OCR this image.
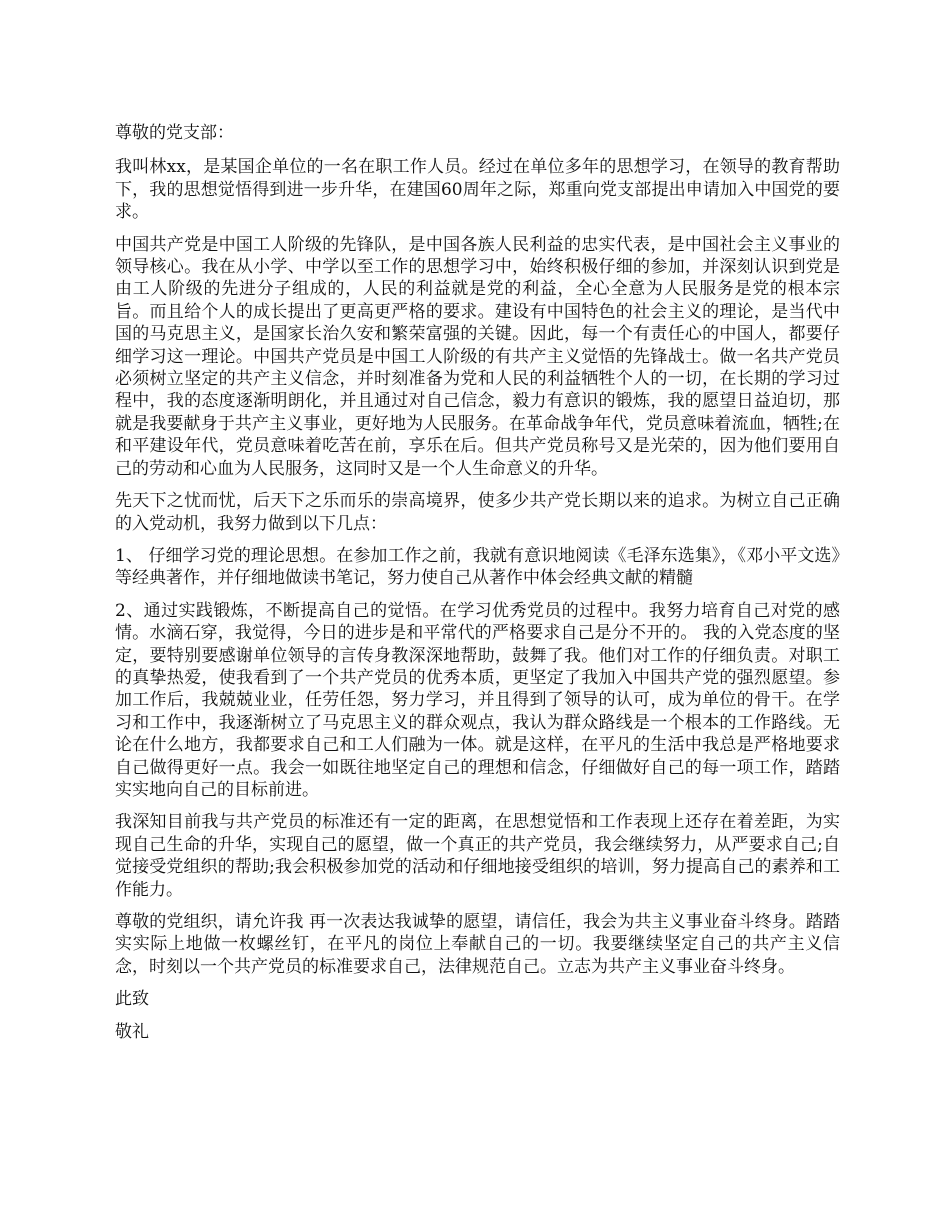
尊敬的党支部：

我叫林xx，是某国企单位的一名在职工作人员。经过在单位多年的思想学习，在领导的教育帮助下，我的思想觉悟得到进一步升华，在建国60周年之际，郑重向党支部提出申请加入中国党的要求。

中国共产党是中国工人阶级的先锋队，是中国各族人民利益的忠实代表，是中国社会主义事业的领导核心。我在从小学、中学以至工作的思想学习中，始终积极仔细的参加，并深刻认识到党是由工人阶级的先进分子组成的，人民的利益就是党的利益，全心全意为人民服务是党的根本宗旨。而且给个人的成长提出了更高更严格的要求。建设有中国特色的社会主义的理论，是当代中国的马克思主义，是国家长治久安和繁荣富强的关键。因此，每一个有责任心的中国人，都要仔细学习这一理论。中国共产党员是中国工人阶级的有共产主义觉悟的先锋战士。做一名共产党员必须树立坚定的共产主义信念，并时刻准备为党和人民的利益牺牲个人的一切，在长期的学习过程中，我的态度逐渐明朗化，并且通过对自己信念，毅力有意识的锻炼，我的愿望日益迫切，那就是我要献身于共产主义事业，更好地为人民服务。在革命战争年代，党员意味着流血，牺牲;在和平建设年代，党员意味着吃苦在前，享乐在后。但共产党员称号又是光荣的，因为他们要用自己的劳动和心血为人民服务，这同时又是一个人生命意义的升华。

先天下之忧而忧，后天下之乐而乐的崇高境界，使多少共产党长期以来的追求。为树立自己正确的入党动机，我努力做到以下几点：

1、 仔细学习党的理论思想。在参加工作之前，我就有意识地阅读《毛泽东选集》，《邓小平文选》等经典著作，并仔细地做读书笔记，努力使自己从著作中体会经典文献的精髓

2、通过实践锻炼，不断提高自己的觉悟。在学习优秀党员的过程中。我努力培育自己对党的感情。水滴石穿，我觉得，今日的进步是和平常代的严格要求自己是分不开的。 我的入党态度的坚定，要特别要感谢单位领导的言传身教深深地帮助，鼓舞了我。他们对工作的仔细负责。对职工的真挚热爱，使我看到了一个共产党员的优秀本质，更坚定了我加入中国共产党的强烈愿望。参加工作后，我兢兢业业，任劳任怨，努力学习，并且得到了领导的认可，成为单位的骨干。在学习和工作中，我逐渐树立了马克思主义的群众观点，我认为群众路线是一个根本的工作路线。无论在什么地方，我都要求自己和工人们融为一体。就是这样，在平凡的生活中我总是严格地要求自己做得更好一点。我会一如既往地坚定自己的理想和信念，仔细做好自己的每一项工作，踏踏实实地向自己的目标前进。

我深知目前我与共产党员的标准还有一定的距离，在思想觉悟和工作表现上还存在着差距，为实现自己生命的升华，实现自己的愿望，做一个真正的共产党员，我会继续努力，从严要求自己;自觉接受党组织的帮助;我会积极参加党的活动和仔细地接受组织的培训，努力提高自己的素养和工作能力。

尊敬的党组织，请允许我 再一次表达我诚挚的愿望，请信任，我会为共主义事业奋斗终身。踏踏实实际上地做一枚螺丝钉，在平凡的岗位上奉献自己的一切。我要继续坚定自己的共产主义信念，时刻以一个共产党员的标准要求自己，法律规范自己。立志为共产主义事业奋斗终身。

此致

敬礼
